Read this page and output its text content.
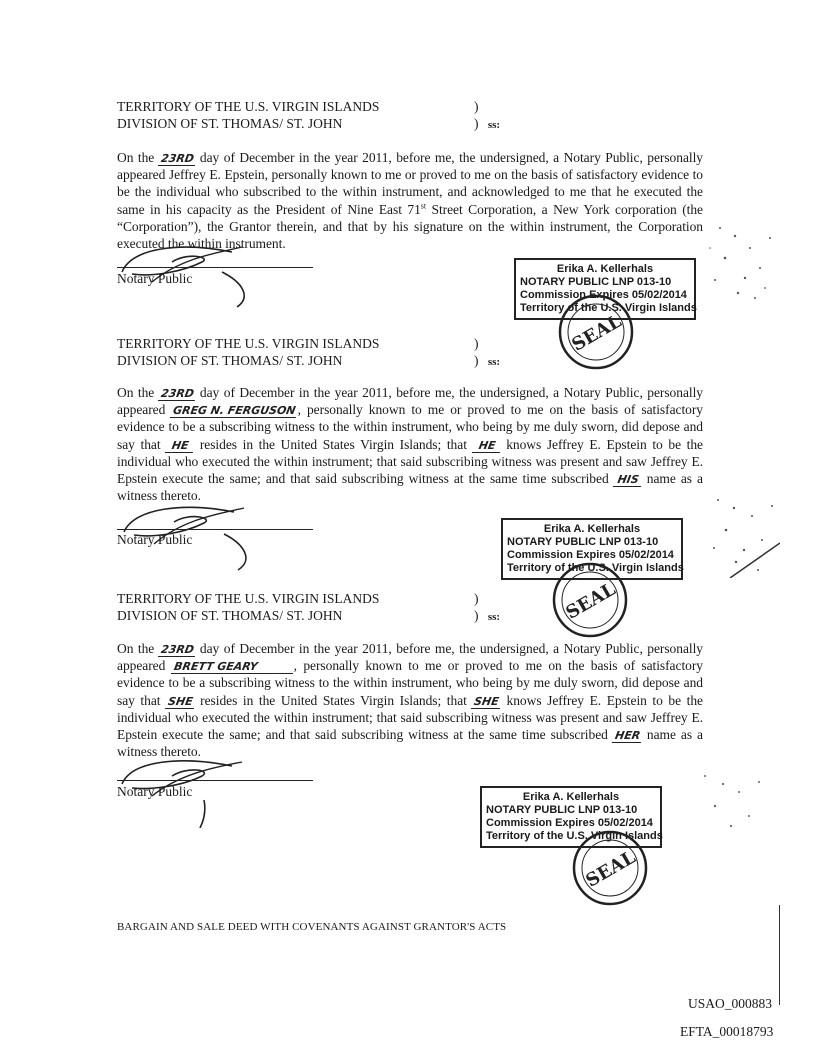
TERRITORY OF THE U.S. VIRGIN ISLANDS
DIVISION OF ST. THOMAS/ ST. JOHN
)
) ss:
On the 23RD day of December in the year 2011, before me, the undersigned, a Notary Public, personally appeared Jeffrey E. Epstein, personally known to me or proved to me on the basis of satisfactory evidence to be the individual who subscribed to the within instrument, and acknowledged to me that he executed the same in his capacity as the President of Nine East 71st Street Corporation, a New York corporation (the “Corporation”), the Grantor therein, and that by his signature on the within instrument, the Corporation executed the within instrument.
Notary Public
Erika A. Kellerhals
NOTARY PUBLIC LNP 013-10
Commission Expires 05/02/2014
Territory of the U.S. Virgin Islands
SEAL
TERRITORY OF THE U.S. VIRGIN ISLANDS
DIVISION OF ST. THOMAS/ ST. JOHN
)
) ss:
On the 23RD day of December in the year 2011, before me, the undersigned, a Notary Public, personally appeared GREG N. FERGUSON, personally known to me or proved to me on the basis of satisfactory evidence to be a subscribing witness to the within instrument, who being by me duly sworn, did depose and say that HE resides in the United States Virgin Islands; that HE knows Jeffrey E. Epstein to be the individual who executed the within instrument; that said subscribing witness was present and saw Jeffrey E. Epstein execute the same; and that said subscribing witness at the same time subscribed HIS name as a witness thereto.
Notary Public
Erika A. Kellerhals
NOTARY PUBLIC LNP 013-10
Commission Expires 05/02/2014
Territory of the U.S. Virgin Islands
SEAL
TERRITORY OF THE U.S. VIRGIN ISLANDS
DIVISION OF ST. THOMAS/ ST. JOHN
)
) ss:
On the 23RD day of December in the year 2011, before me, the undersigned, a Notary Public, personally appeared BRETT GEARY	, personally known to me or proved to me on the basis of satisfactory evidence to be a subscribing witness to the within instrument, who being by me duly sworn, did depose and say that SHE resides in the United States Virgin Islands; that SHE knows Jeffrey E. Epstein to be the individual who executed the within instrument; that said subscribing witness was present and saw Jeffrey E. Epstein execute the same; and that said subscribing witness at the same time subscribed HER name as a witness thereto.
Notary Public	Erika A. Kellerhals
NOTARY PUBLIC LNP 013-10
Commission Expires 05/02/2014
Territory of the U.S. Virgin Islands
SEAL
BARGAIN AND SALE DEED WITH COVENANTS AGAINST GRANTOR'S ACTS
USAO_000883
EFTA_00018793
